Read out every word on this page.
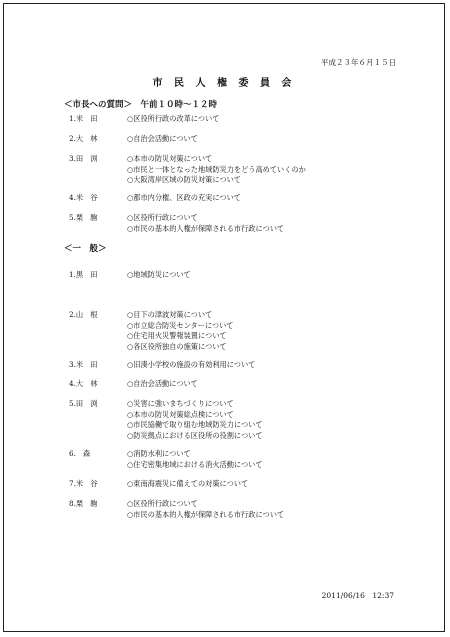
平成２３年６月１５日
市 民 人 権 委 員 会
＜市長への質問＞　午前１０時～１２時
1.米　田	○区役所行政の改革について
2.大　林	○自治会活動について
3.田　渕	○本市の防災対策について
○市民と一体となった地域防災力をどう高めていくのか
○大阪湾岸区域の防災対策について
4.米　谷	○都市内分権、区政の充実について
5.栗　駒	○区役所行政について
○市民の基本的人権が保障される市行政について
＜一　般＞
1.黒　田	○地域防災について
2.山　根	○目下の津波対策について
○市立総合防災センターについて
○住宅用火災警報装置について
○各区役所独自の施策について
3.米　田	○旧湊小学校の施設の有効利用について
4.大　林	○自治会活動について
5.田　渕	○災害に強いまちづくりについて
○本市の防災対策総点検について
○市民協働で取り組む地域防災力について
○防災拠点における区役所の役割について
6.　森	○消防水利について
○住宅密集地域における消火活動について
7.米　谷	○東南海震災に備えての対策について
8.栗　駒	○区役所行政について
○市民の基本的人権が保障される市行政について
2011/06/16　12:37
